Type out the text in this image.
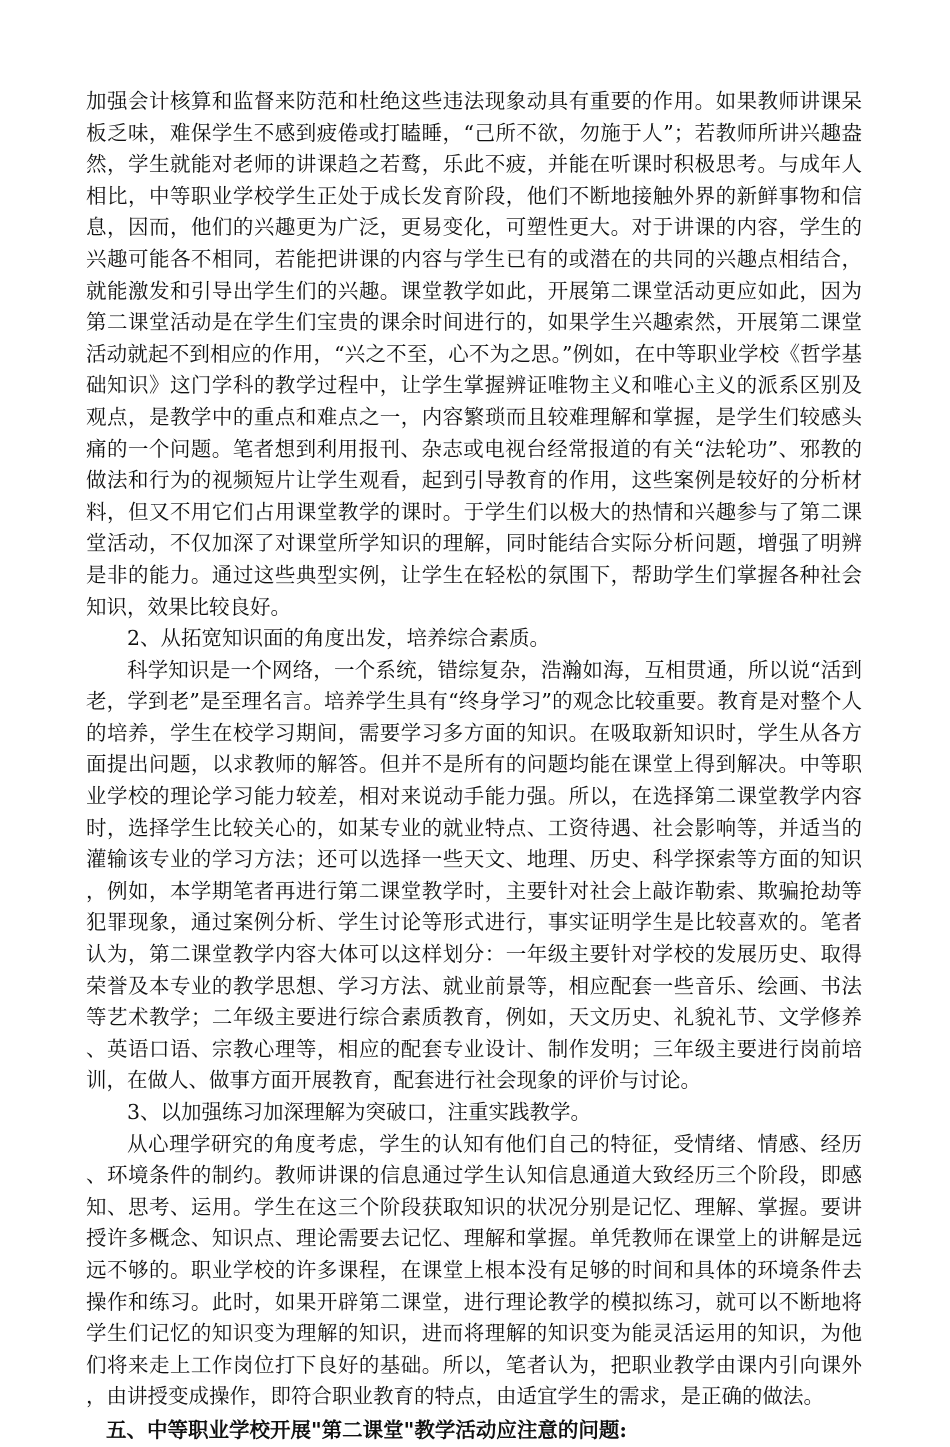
加强会计核算和监督来防范和杜绝这些违法现象动具有重要的作用。如果教师讲课呆板乏味，难保学生不感到疲倦或打瞌睡，“己所不欲，勿施于人”；若教师所讲兴趣盎然，学生就能对老师的讲课趋之若鹜，乐此不疲，并能在听课时积极思考。与成年人相比，中等职业学校学生正处于成长发育阶段，他们不断地接触外界的新鲜事物和信息，因而，他们的兴趣更为广泛，更易变化，可塑性更大。对于讲课的内容，学生的兴趣可能各不相同，若能把讲课的内容与学生已有的或潜在的共同的兴趣点相结合，就能激发和引导出学生们的兴趣。课堂教学如此，开展第二课堂活动更应如此，因为第二课堂活动是在学生们宝贵的课余时间进行的，如果学生兴趣索然，开展第二课堂活动就起不到相应的作用，“兴之不至，心不为之思。”例如，在中等职业学校《哲学基础知识》这门学科的教学过程中，让学生掌握辨证唯物主义和唯心主义的派系区别及观点，是教学中的重点和难点之一，内容繁琐而且较难理解和掌握，是学生们较感头痛的一个问题。笔者想到利用报刊、杂志或电视台经常报道的有关“法轮功”、邪教的做法和行为的视频短片让学生观看，起到引导教育的作用，这些案例是较好的分析材料，但又不用它们占用课堂教学的课时。于学生们以极大的热情和兴趣参与了第二课堂活动，不仅加深了对课堂所学知识的理解，同时能结合实际分析问题，增强了明辨是非的能力。通过这些典型实例，让学生在轻松的氛围下，帮助学生们掌握各种社会知识，效果比较良好。

2、从拓宽知识面的角度出发，培养综合素质。

科学知识是一个网络，一个系统，错综复杂，浩瀚如海，互相贯通，所以说“活到老，学到老”是至理名言。培养学生具有“终身学习”的观念比较重要。教育是对整个人的培养，学生在校学习期间，需要学习多方面的知识。在吸取新知识时，学生从各方面提出问题，以求教师的解答。但并不是所有的问题均能在课堂上得到解决。中等职业学校的理论学习能力较差，相对来说动手能力强。所以，在选择第二课堂教学内容时，选择学生比较关心的，如某专业的就业特点、工资待遇、社会影响等，并适当的灌输该专业的学习方法；还可以选择一些天文、地理、历史、科学探索等方面的知识，例如，本学期笔者再进行第二课堂教学时，主要针对社会上敲诈勒索、欺骗抢劫等犯罪现象，通过案例分析、学生讨论等形式进行，事实证明学生是比较喜欢的。笔者认为，第二课堂教学内容大体可以这样划分：一年级主要针对学校的发展历史、取得荣誉及本专业的教学思想、学习方法、就业前景等，相应配套一些音乐、绘画、书法等艺术教学；二年级主要进行综合素质教育，例如，天文历史、礼貌礼节、文学修养、英语口语、宗教心理等，相应的配套专业设计、制作发明；三年级主要进行岗前培训，在做人、做事方面开展教育，配套进行社会现象的评价与讨论。

3、以加强练习加深理解为突破口，注重实践教学。

从心理学研究的角度考虑，学生的认知有他们自己的特征，受情绪、情感、经历、环境条件的制约。教师讲课的信息通过学生认知信息通道大致经历三个阶段，即感知、思考、运用。学生在这三个阶段获取知识的状况分别是记忆、理解、掌握。要讲授许多概念、知识点、理论需要去记忆、理解和掌握。单凭教师在课堂上的讲解是远远不够的。职业学校的许多课程，在课堂上根本没有足够的时间和具体的环境条件去操作和练习。此时，如果开辟第二课堂，进行理论教学的模拟练习，就可以不断地将学生们记忆的知识变为理解的知识，进而将理解的知识变为能灵活运用的知识，为他们将来走上工作岗位打下良好的基础。所以，笔者认为，把职业教学由课内引向课外，由讲授变成操作，即符合职业教育的特点，由适宜学生的需求，是正确的做法。

五、中等职业学校开展"第二课堂"教学活动应注意的问题:
